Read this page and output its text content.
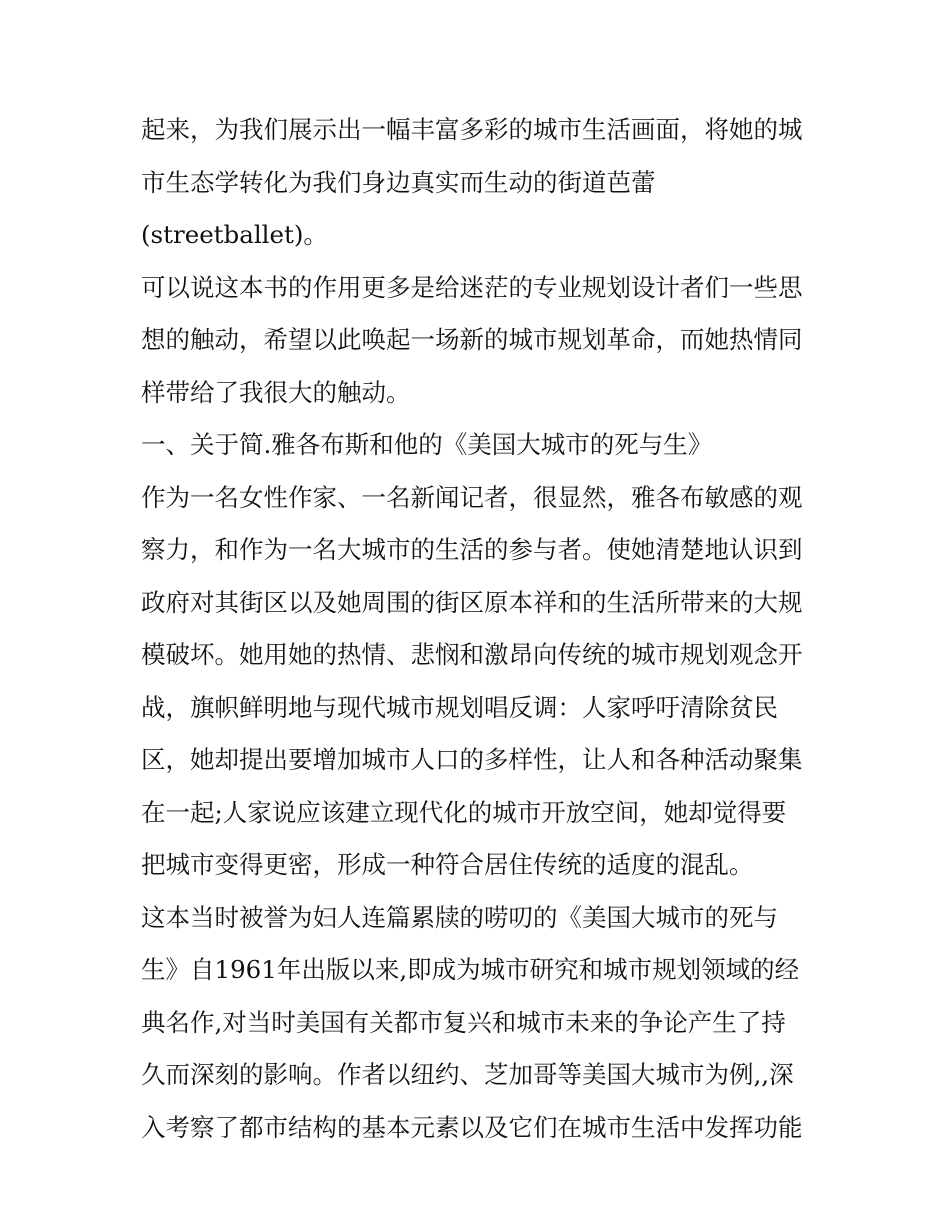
起来，为我们展示出一幅丰富多彩的城市生活画面，将她的城
市生态学转化为我们身边真实而生动的街道芭蕾
(streetballet)。
可以说这本书的作用更多是给迷茫的专业规划设计者们一些思
想的触动，希望以此唤起一场新的城市规划革命，而她热情同
样带给了我很大的触动。
一、关于简.雅各布斯和他的《美国大城市的死与生》
作为一名女性作家、一名新闻记者，很显然，雅各布敏感的观
察力，和作为一名大城市的生活的参与者。使她清楚地认识到
政府对其街区以及她周围的街区原本祥和的生活所带来的大规
模破坏。她用她的热情、悲悯和激昂向传统的城市规划观念开
战，旗帜鲜明地与现代城市规划唱反调：人家呼吁清除贫民
区，她却提出要增加城市人口的多样性，让人和各种活动聚集
在一起;人家说应该建立现代化的城市开放空间，她却觉得要
把城市变得更密，形成一种符合居住传统的适度的混乱。
这本当时被誉为妇人连篇累牍的唠叨的《美国大城市的死与
生》自1961年出版以来,即成为城市研究和城市规划领域的经
典名作,对当时美国有关都市复兴和城市未来的争论产生了持
久而深刻的影响。作者以纽约、芝加哥等美国大城市为例,,深
入考察了都市结构的基本元素以及它们在城市生活中发挥功能
